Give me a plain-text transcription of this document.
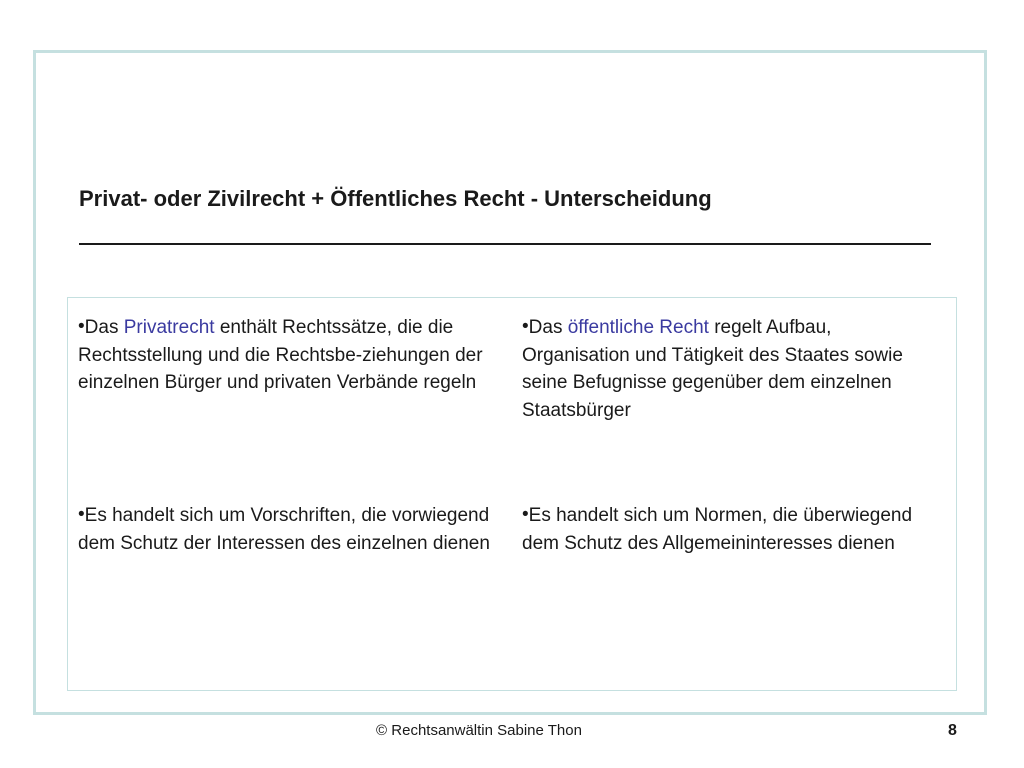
Privat- oder Zivilrecht + Öffentliches Recht - Unterscheidung
•Das Privatrecht enthält Rechtssätze, die die Rechtsstellung und die Rechtsbe-ziehungen der einzelnen Bürger und privaten Verbände regeln
•Es handelt sich um Vorschriften, die vorwiegend dem Schutz der Interessen des einzelnen dienen
•Das öffentliche Recht regelt Aufbau, Organisation und Tätigkeit des Staates sowie seine Befugnisse gegenüber dem einzelnen Staatsbürger
•Es handelt sich um Normen, die überwiegend dem Schutz des Allgemeininteresses dienen
© Rechtsanwältin Sabine Thon	8
